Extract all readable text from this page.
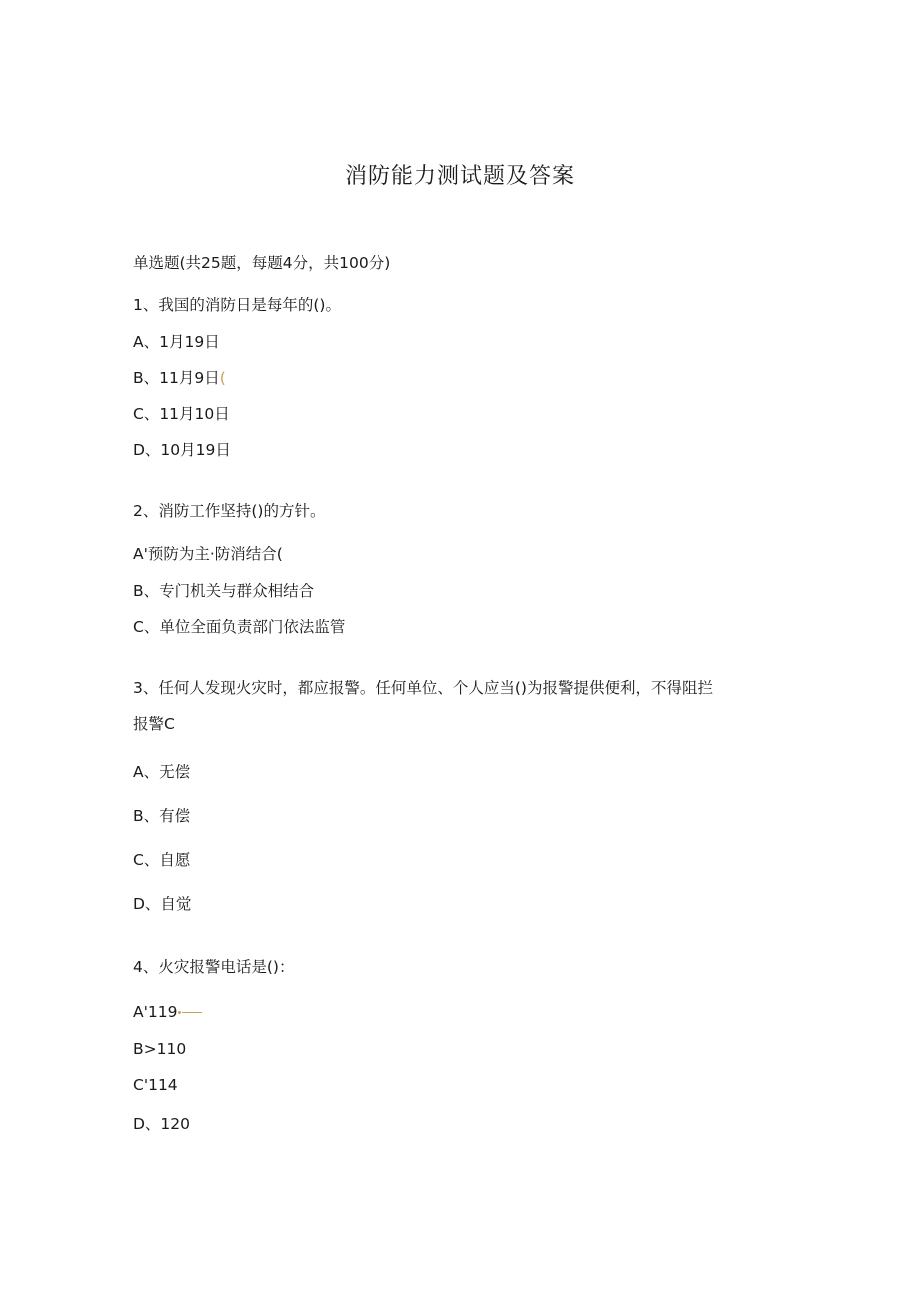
消防能力测试题及答案
单选题(共25题，每题4分，共100分)
1、我国的消防日是每年的()。
A、1月19日
B、11月9日(
C、11月10日
D、10月19日
2、消防工作坚持()的方针。
A'预防为主·防消结合(
B、专门机关与群众相结合
C、单位全面负责部门依法监管
3、任何人发现火灾时，都应报警。任何单位、个人应当()为报警提供便利，不得阻拦
报警C
A、无偿
B、有偿
C、自愿
D、自觉
4、火灾报警电话是()：
A'119
B>110
C'114
D、120
